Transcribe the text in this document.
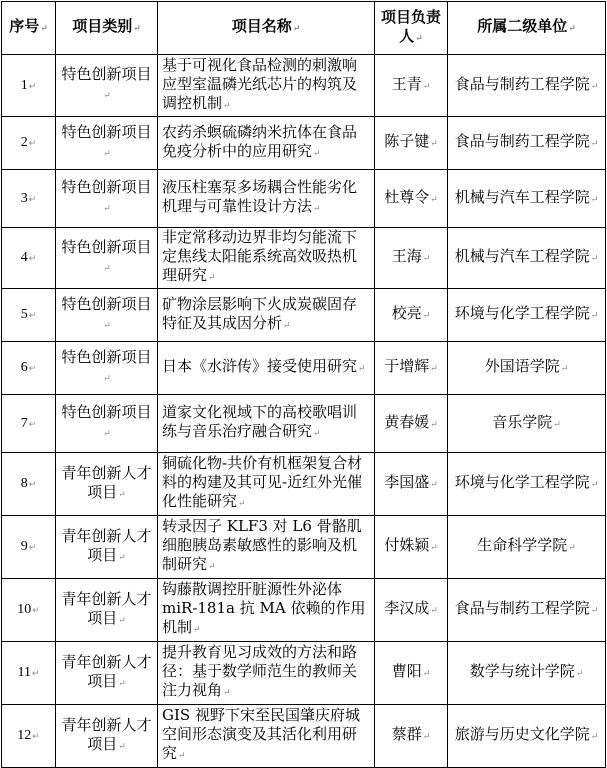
序号↵	项目类别↵	项目名称↵	项目负责人↵	所属二级单位↵
1↵	特色创新项目↵	基于可视化食品检测的刺激响应型室温磷光纸芯片的构筑及调控机制↵	王青↵	食品与制药工程学院↵
2↵	特色创新项目↵	农药杀螟硫磷纳米抗体在食品免疫分析中的应用研究↵	陈子键↵	食品与制药工程学院↵
3↵	特色创新项目↵	液压柱塞泵多场耦合性能劣化机理与可靠性设计方法↵	杜尊令↵	机械与汽车工程学院↵
4↵	特色创新项目↵	非定常移动边界非均匀能流下定焦线太阳能系统高效吸热机理研究↵	王海↵	机械与汽车工程学院↵
5↵	特色创新项目↵	矿物涂层影响下火成炭碳固存特征及其成因分析↵	校亮↵	环境与化学工程学院↵
6↵	特色创新项目↵	日本《水浒传》接受使用研究↵	于增辉↵	外国语学院↵
7↵	特色创新项目↵	道家文化视域下的高校歌唱训练与音乐治疗融合研究↵	黄春媛↵	音乐学院↵
8↵	青年创新人才项目↵	铜硫化物-共价有机框架复合材料的构建及其可见-近红外光催化性能研究↵	李国盛↵	环境与化学工程学院↵
9↵	青年创新人才项目↵	转录因子 KLF3 对 L6 骨骼肌细胞胰岛素敏感性的影响及机制研究↵	付姝颖↵	生命科学学院↵
10↵	青年创新人才项目↵	钩藤散调控肝脏源性外泌体 miR-181a 抗 MA 依赖的作用机制↵	李汉成↵	食品与制药工程学院↵
11↵	青年创新人才项目↵	提升教育见习成效的方法和路径：基于数学师范生的教师关注力视角↵	曹阳↵	数学与统计学院↵
12↵	青年创新人才项目↵	GIS 视野下宋至民国肇庆府城空间形态演变及其活化利用研究↵	蔡群↵	旅游与历史文化学院↵
